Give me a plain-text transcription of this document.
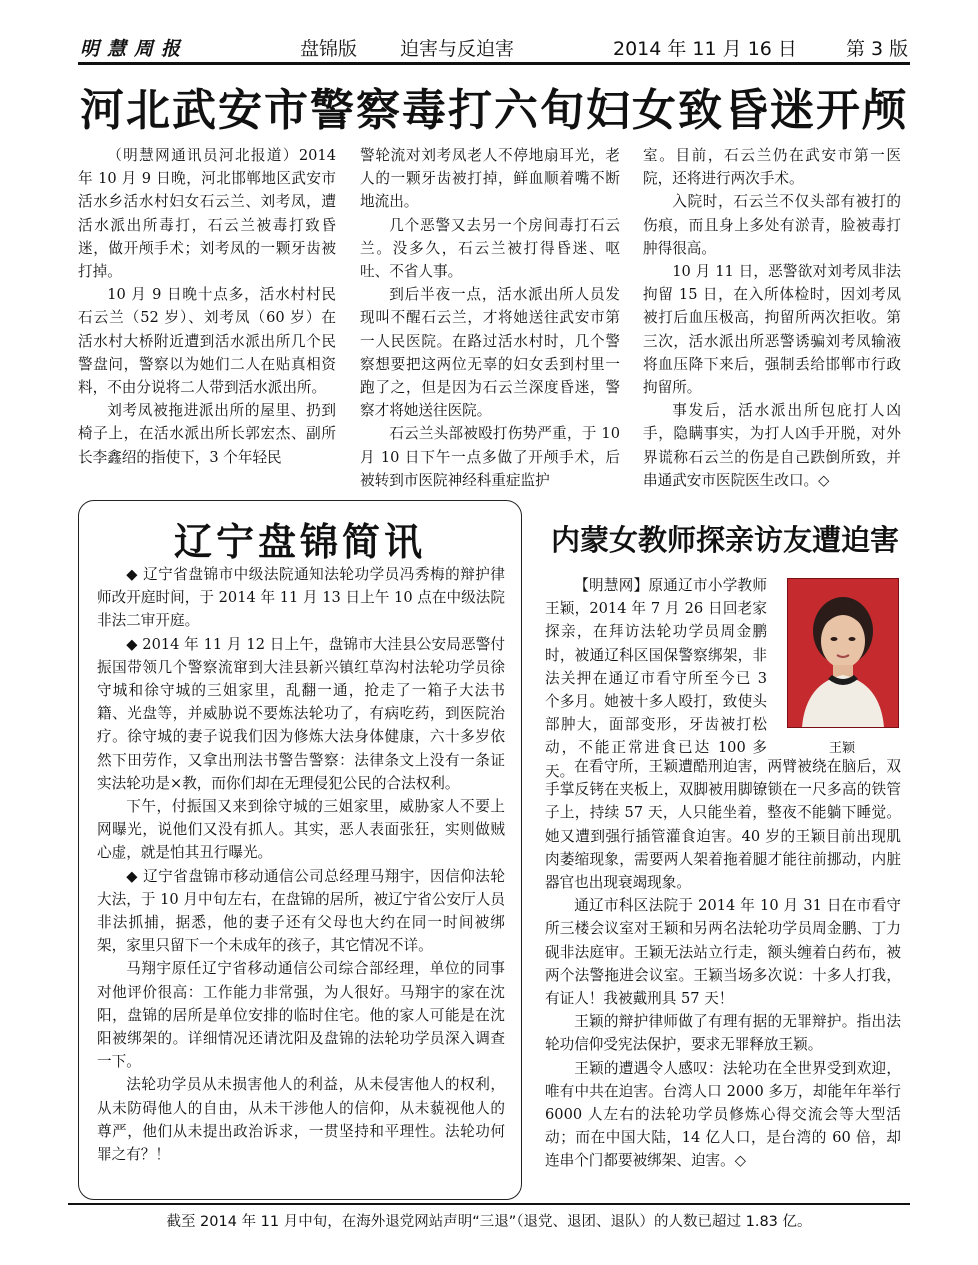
明慧周报	盘锦版 迫害与反迫害	2014 年 11 月 16 日	第 3 版
河北武安市警察毒打六旬妇女致昏迷开颅

（明慧网通讯员河北报道）2014 年 10 月 9 日晚，河北邯郸地区武安市活水乡活水村妇女石云兰、刘考凤，遭活水派出所毒打，石云兰被毒打致昏迷，做开颅手术；刘考凤的一颗牙齿被打掉。

10 月 9 日晚十点多，活水村村民石云兰（52 岁）、刘考凤（60 岁）在活水村大桥附近遭到活水派出所几个民警盘问，警察以为她们二人在贴真相资料，不由分说将二人带到活水派出所。

刘考凤被拖进派出所的屋里、扔到椅子上，在活水派出所长郭宏杰、副所长李鑫绍的指使下，3 个年轻民

警轮流对刘考凤老人不停地扇耳光，老人的一颗牙齿被打掉，鲜血顺着嘴不断地流出。

几个恶警又去另一个房间毒打石云兰。没多久，石云兰被打得昏迷、呕吐、不省人事。

到后半夜一点，活水派出所人员发现叫不醒石云兰，才将她送往武安市第一人民医院。在路过活水村时，几个警察想要把这两位无辜的妇女丢到村里一跑了之，但是因为石云兰深度昏迷，警察才将她送往医院。

石云兰头部被殴打伤势严重，于 10 月 10 日下午一点多做了开颅手术，后被转到市医院神经科重症监护

室。目前，石云兰仍在武安市第一医院，还将进行两次手术。

入院时，石云兰不仅头部有被打的伤痕，而且身上多处有淤青，脸被毒打肿得很高。

10 月 11 日，恶警欲对刘考凤非法拘留 15 日，在入所体检时，因刘考凤被打后血压极高，拘留所两次拒收。第三次，活水派出所恶警诱骗刘考凤输液将血压降下来后，强制丢给邯郸市行政拘留所。

事发后，活水派出所包庇打人凶手，隐瞒事实，为打人凶手开脱，对外界谎称石云兰的伤是自己跌倒所致，并串通武安市医院医生改口。◇

辽宁盘锦简讯

◆ 辽宁省盘锦市中级法院通知法轮功学员冯秀梅的辩护律师改开庭时间，于 2014 年 11 月 13 日上午 10 点在中级法院非法二审开庭。

◆ 2014 年 11 月 12 日上午，盘锦市大洼县公安局恶警付振国带领几个警察流窜到大洼县新兴镇红草沟村法轮功学员徐守城和徐守城的三姐家里，乱翻一通，抢走了一箱子大法书籍、光盘等，并威胁说不要炼法轮功了，有病吃药，到医院治疗。徐守城的妻子说我们因为修炼大法身体健康，六十多岁依然下田劳作，又拿出刑法书警告警察：法律条文上没有一条证实法轮功是×教，而你们却在无理侵犯公民的合法权利。

下午，付振国又来到徐守城的三姐家里，威胁家人不要上网曝光，说他们又没有抓人。其实，恶人表面张狂，实则做贼心虚，就是怕其丑行曝光。

◆ 辽宁省盘锦市移动通信公司总经理马翔宇，因信仰法轮大法，于 10 月中旬左右，在盘锦的居所，被辽宁省公安厅人员非法抓捕，据悉，他的妻子还有父母也大约在同一时间被绑架，家里只留下一个未成年的孩子，其它情况不详。

马翔宇原任辽宁省移动通信公司综合部经理，单位的同事对他评价很高：工作能力非常强，为人很好。马翔宇的家在沈阳，盘锦的居所是单位安排的临时住宅。他的家人可能是在沈阳被绑架的。详细情况还请沈阳及盘锦的法轮功学员深入调查一下。

法轮功学员从未损害他人的利益，从未侵害他人的权利，从未防碍他人的自由，从未干涉他人的信仰，从未藐视他人的尊严，他们从未提出政治诉求，一贯坚持和平理性。法轮功何罪之有？！

内蒙女教师探亲访友遭迫害

【明慧网】原通辽市小学教师王颖，2014 年 7 月 26 日回老家探亲，在拜访法轮功学员周金鹏时，被通辽科区国保警察绑架，非法关押在通辽市看守所至今已 3 个多月。她被十多人殴打，致使头部肿大，面部变形，牙齿被打松动，不能正常进食已达 100 多天。

王颖

在看守所，王颖遭酷刑迫害，两臂被绕在脑后，双手掌反铐在夹板上，双脚被用脚镣锁在一尺多高的铁管子上，持续 57 天，人只能坐着，整夜不能躺下睡觉。她又遭到强行插管灌食迫害。40 岁的王颖目前出现肌肉萎缩现象，需要两人架着拖着腿才能往前挪动，内脏器官也出现衰竭现象。

通辽市科区法院于 2014 年 10 月 31 日在市看守所三楼会议室对王颖和另两名法轮功学员周金鹏、丁力砚非法庭审。王颖无法站立行走，额头缠着白药布，被两个法警拖进会议室。王颖当场多次说：十多人打我，有证人！我被戴刑具 57 天！

王颖的辩护律师做了有理有据的无罪辩护。指出法轮功信仰受宪法保护，要求无罪释放王颖。

王颖的遭遇令人感叹：法轮功在全世界受到欢迎，唯有中共在迫害。台湾人口 2000 多万，却能年年举行 6000 人左右的法轮功学员修炼心得交流会等大型活动；而在中国大陆，14 亿人口，是台湾的 60 倍，却连串个门都要被绑架、迫害。◇

截至 2014 年 11 月中旬，在海外退党网站声明“三退”（退党、退团、退队）的人数已超过 1.83 亿。
